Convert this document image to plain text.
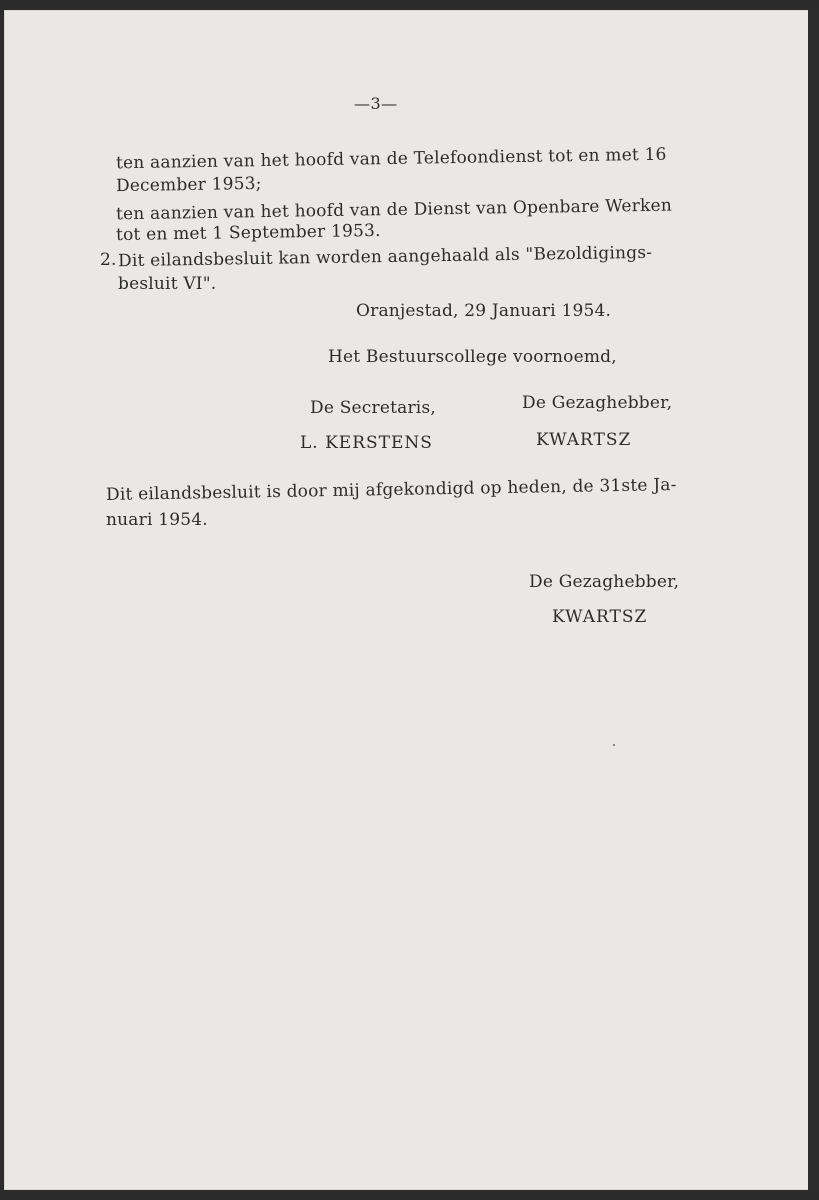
—3—
ten aanzien van het hoofd van de Telefoondienst tot en met 16
December 1953;
ten aanzien van het hoofd van de Dienst van Openbare Werken
tot en met 1 September 1953.
2. Dit eilandsbesluit kan worden aangehaald als "Bezoldigings-
besluit VI".
Oranjestad, 29 Januari 1954.
Het Bestuurscollege voornoemd,
De Secretaris,	De Gezaghebber,
L. KERSTENS	KWARTSZ
Dit eilandsbesluit is door mij afgekondigd op heden, de 31ste Ja-
nuari 1954.
De Gezaghebber,
KWARTSZ
